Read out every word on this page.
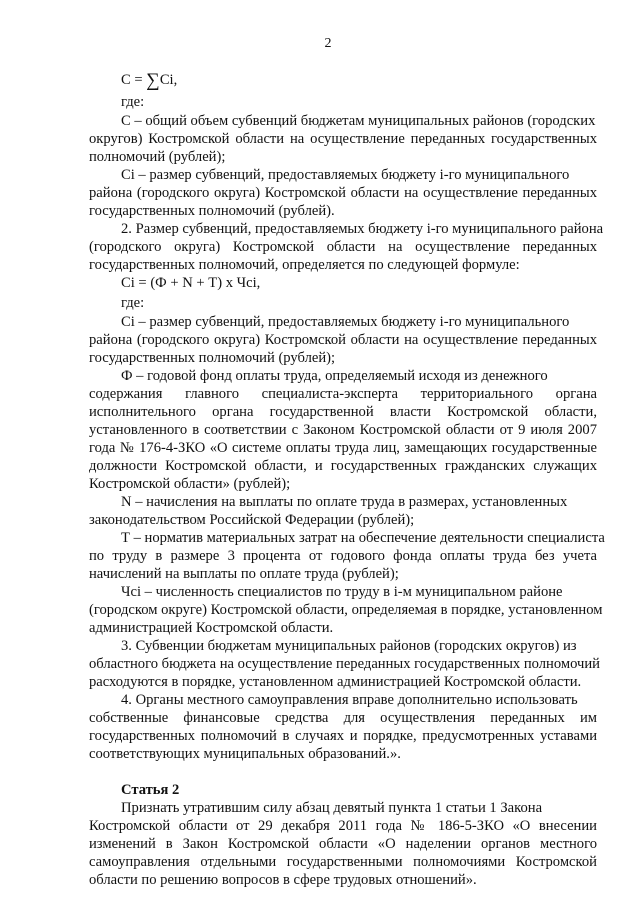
2
С = ∑Сi,
где:
С – общий объем субвенций бюджетам муниципальных районов (городских
округов) Костромской области на осуществление переданных государственных
полномочий (рублей);
Сi – размер субвенций, предоставляемых бюджету i-го муниципального
района (городского округа) Костромской области на осуществление переданных
государственных полномочий (рублей).
2. Размер субвенций, предоставляемых бюджету i-го муниципального района
(городского округа) Костромской области на осуществление переданных
государственных полномочий, определяется по следующей формуле:
Сi = (Ф + N + Т) х Чсi,
где:
Сi – размер субвенций, предоставляемых бюджету i-го муниципального
района (городского округа) Костромской области на осуществление переданных
государственных полномочий (рублей);
Ф – годовой фонд оплаты труда, определяемый исходя из денежного
содержания главного специалиста-эксперта территориального органа
исполнительного органа государственной власти Костромской области,
установленного в соответствии с Законом Костромской области от 9 июля 2007
года № 176-4-ЗКО «О системе оплаты труда лиц, замещающих государственные
должности Костромской области, и государственных гражданских служащих
Костромской области» (рублей);
N – начисления на выплаты по оплате труда в размерах, установленных
законодательством Российской Федерации (рублей);
Т – норматив материальных затрат на обеспечение деятельности специалиста
по труду в размере 3 процента от годового фонда оплаты труда без учета
начислений на выплаты по оплате труда (рублей);
Чсi – численность специалистов по труду в i-м муниципальном районе
(городском округе) Костромской области, определяемая в порядке, установленном
администрацией Костромской области.
3. Субвенции бюджетам муниципальных районов (городских округов) из
областного бюджета на осуществление переданных государственных полномочий
расходуются в порядке, установленном администрацией Костромской области.
4. Органы местного самоуправления вправе дополнительно использовать
собственные финансовые средства для осуществления переданных им
государственных полномочий в случаях и порядке, предусмотренных уставами
соответствующих муниципальных образований.».
Статья 2
Признать утратившим силу абзац девятый пункта 1 статьи 1 Закона
Костромской области от 29 декабря 2011 года № 186-5-ЗКО «О внесении
изменений в Закон Костромской области «О наделении органов местного
самоуправления отдельными государственными полномочиями Костромской
области по решению вопросов в сфере трудовых отношений».
